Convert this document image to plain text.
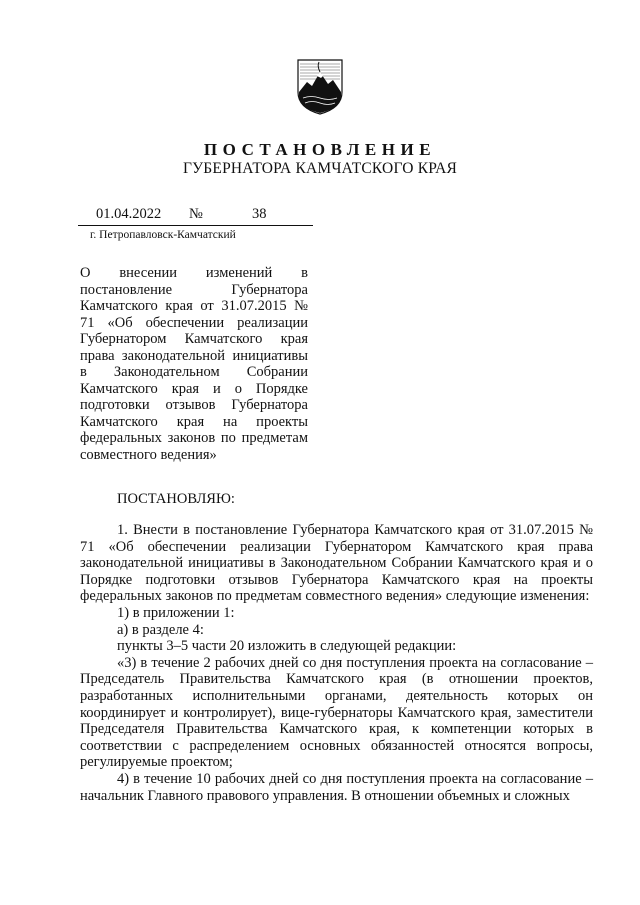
ПОСТАНОВЛЕНИЕ
ГУБЕРНАТОРА КАМЧАТСКОГО КРАЯ
01.04.2022 №	38
г. Петропавловск-Камчатский
О внесении изменений в постановление Губернатора Камчатского края от 31.07.2015 № 71 «Об обеспечении реализации Губернатором Камчатского края права законодательной инициативы в Законодательном Собрании Камчатского края и о Порядке подготовки отзывов Губернатора Камчатского края на проекты федеральных законов по предметам совместного ведения»
ПОСТАНОВЛЯЮ:

1. Внести в постановление Губернатора Камчатского края от 31.07.2015 № 71 «Об обеспечении реализации Губернатором Камчатского края права законодательной инициативы в Законодательном Собрании Камчатского края и о Порядке подготовки отзывов Губернатора Камчатского края на проекты федеральных законов по предметам совместного ведения» следующие изменения:

1) в приложении 1:

а) в разделе 4:

пункты 3–5 части 20 изложить в следующей редакции:

«3) в течение 2 рабочих дней со дня поступления проекта на согласование – Председатель Правительства Камчатского края (в отношении проектов, разработанных исполнительными органами, деятельность которых он координирует и контролирует), вице-губернаторы Камчатского края, заместители Председателя Правительства Камчатского края, к компетенции которых в соответствии с распределением основных обязанностей относятся вопросы, регулируемые проектом;

4) в течение 10 рабочих дней со дня поступления проекта на согласование – начальник Главного правового управления. В отношении объемных и сложных
